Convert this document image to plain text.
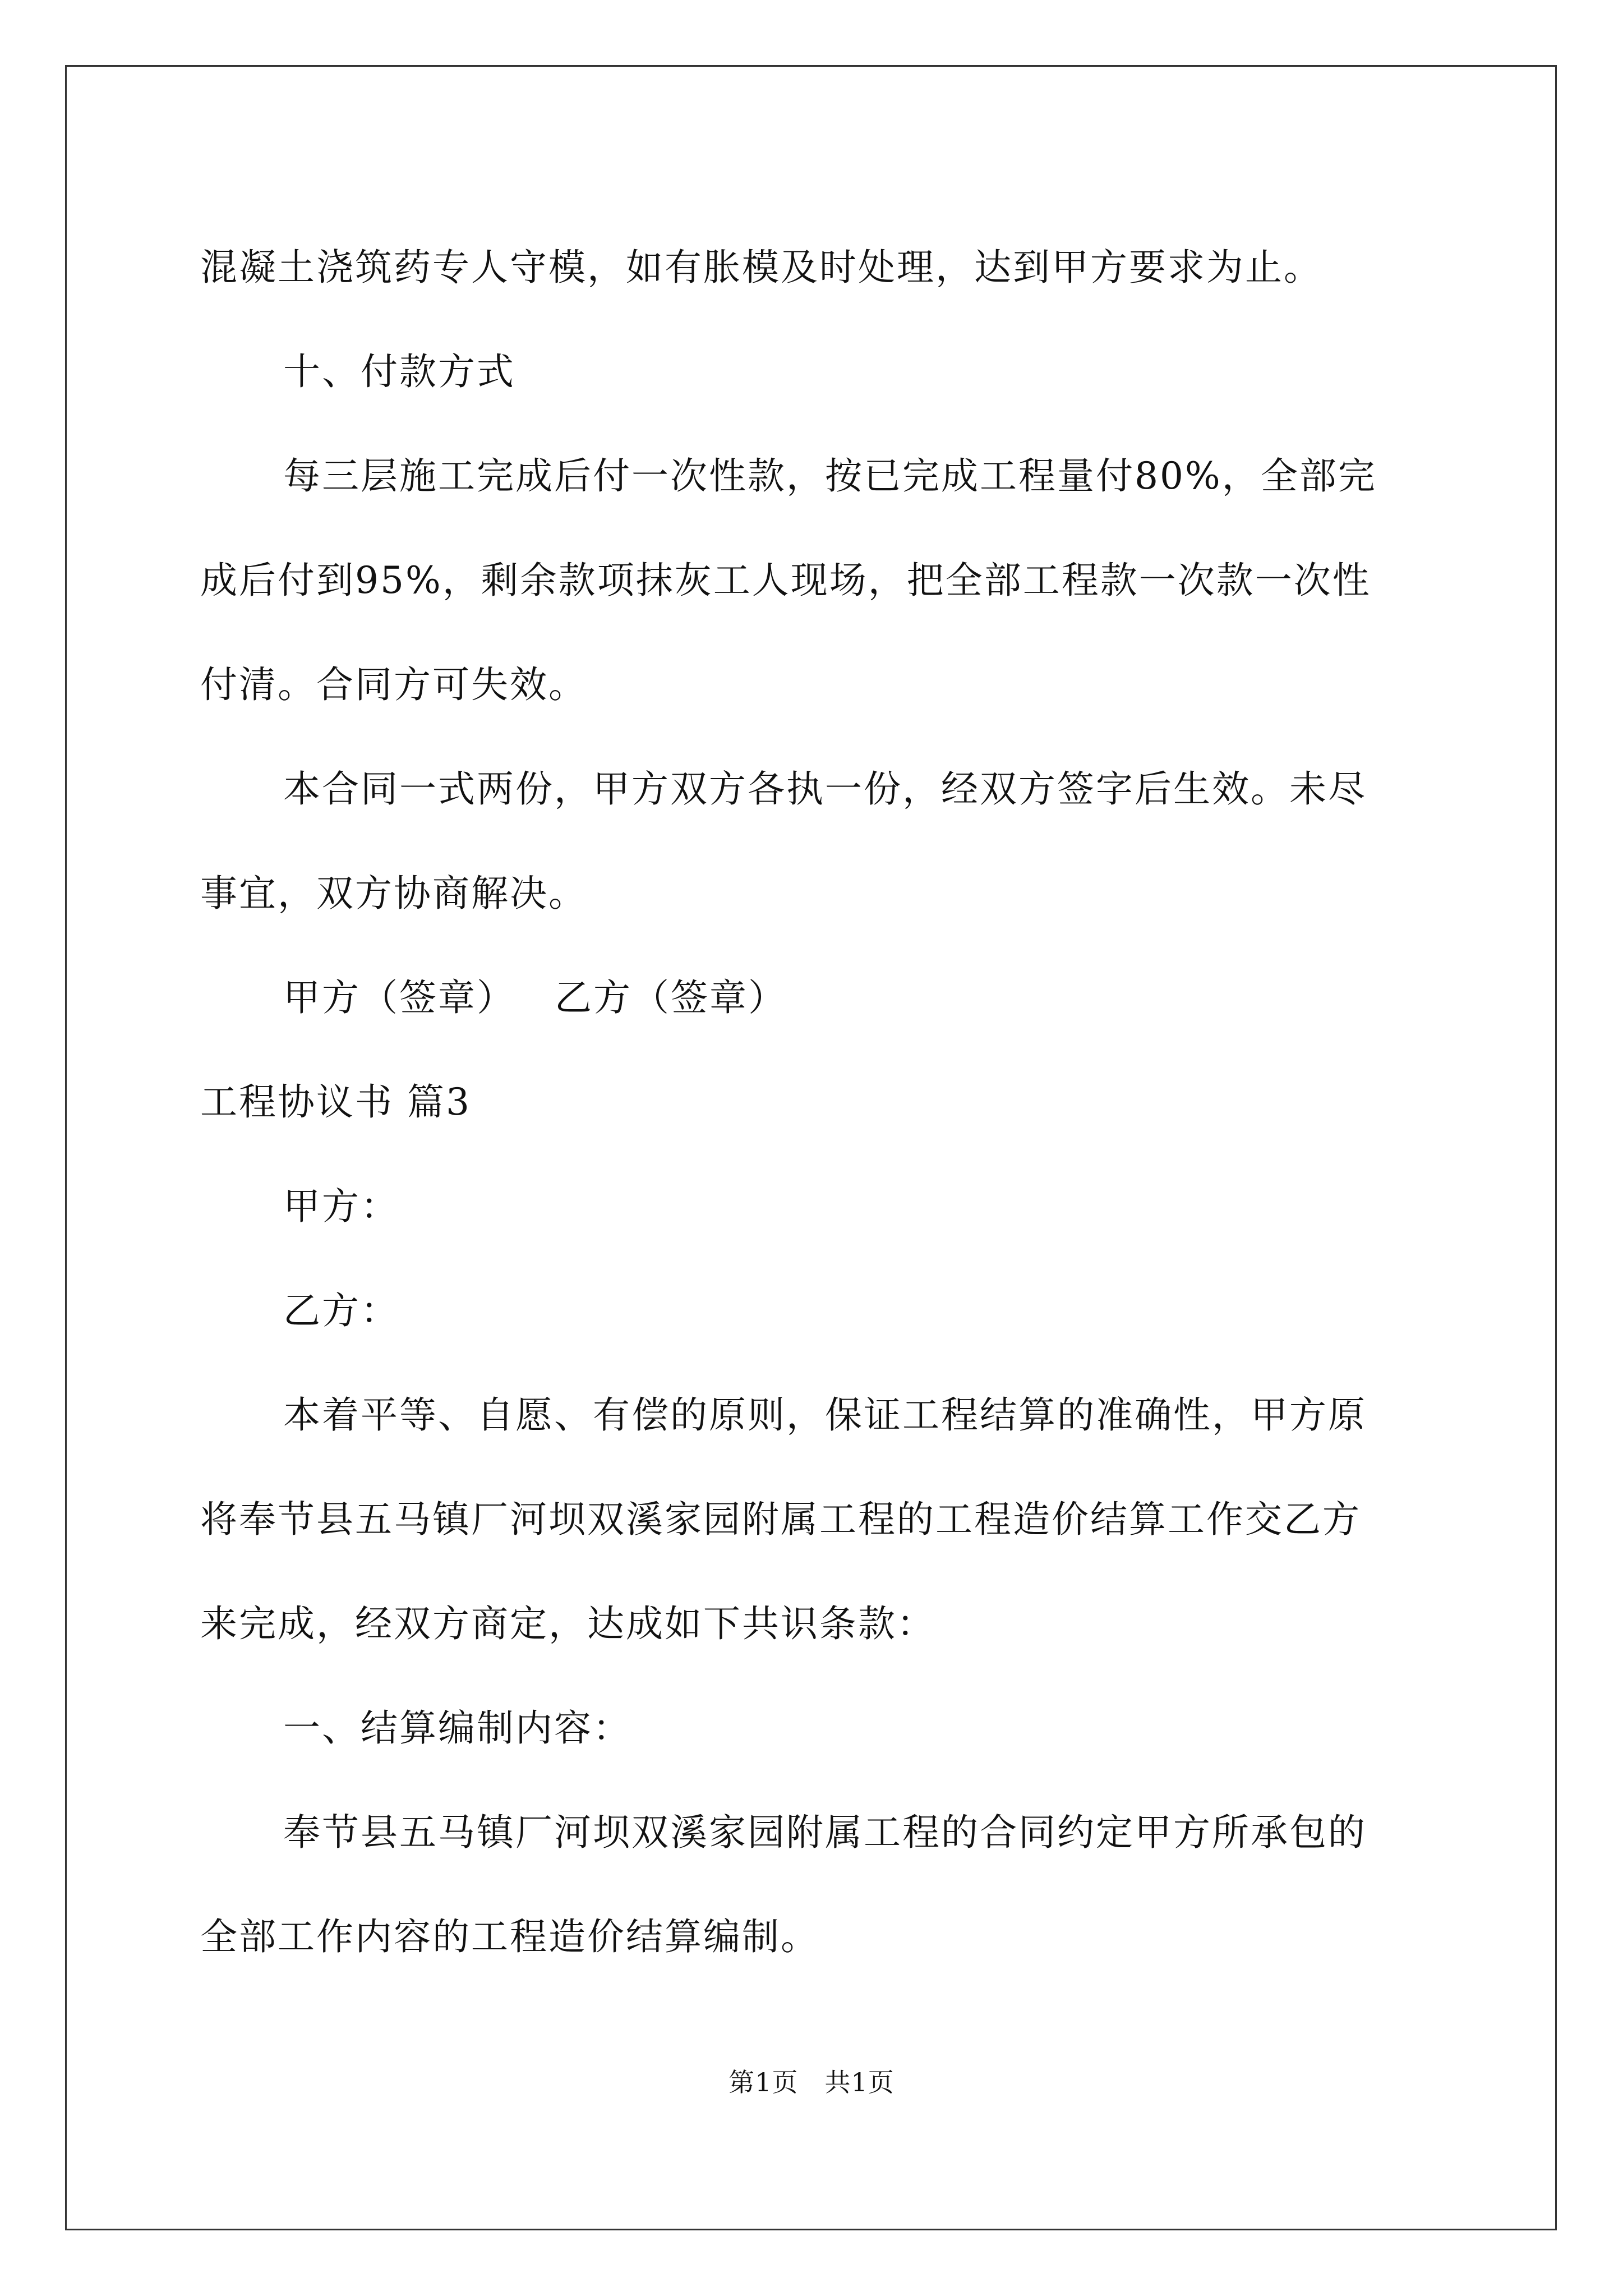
混凝土浇筑药专人守模，如有胀模及时处理，达到甲方要求为止。
十、付款方式
每三层施工完成后付一次性款，按已完成工程量付80%，全部完
成后付到95%，剩余款项抹灰工人现场，把全部工程款一次款一次性
付清。合同方可失效。
本合同一式两份，甲方双方各执一份，经双方签字后生效。未尽
事宜，双方协商解决。
甲方（签章） 乙方（签章）
工程协议书 篇3
甲方：
乙方：
本着平等、自愿、有偿的原则，保证工程结算的准确性，甲方原
将奉节县五马镇厂河坝双溪家园附属工程的工程造价结算工作交乙方
来完成，经双方商定，达成如下共识条款：
一、结算编制内容：
奉节县五马镇厂河坝双溪家园附属工程的合同约定甲方所承包的
全部工作内容的工程造价结算编制。
第1页　共1页
